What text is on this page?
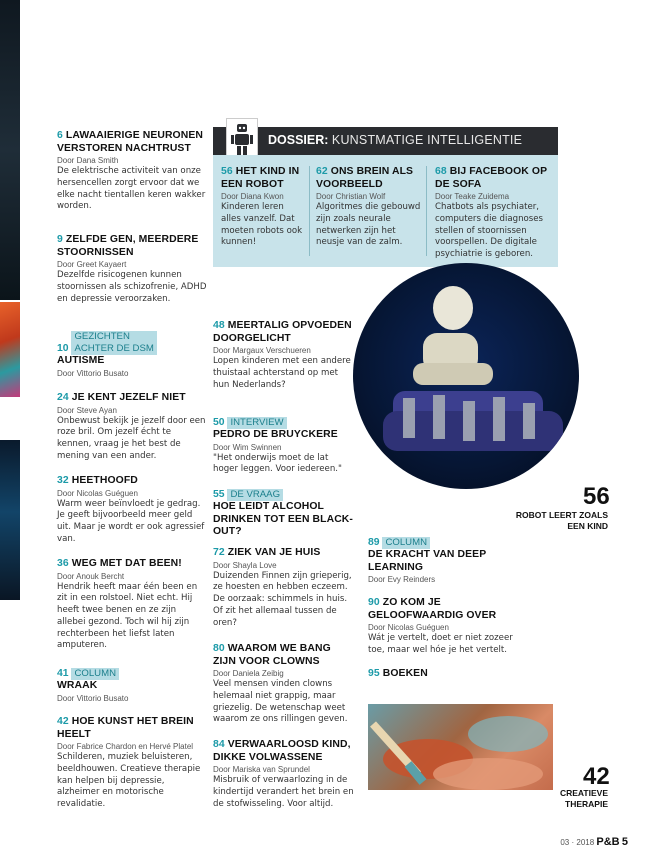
6 LAWAAIERIGE NEURONEN VERSTOREN NACHTRUST
Door Dana Smith
De elektrische activiteit van onze hersencellen zorgt ervoor dat we elke nacht tientallen keren wakker worden.
9 ZELFDE GEN, MEERDERE STOORNISSEN
Door Greet Kayaert
Dezelfde risicogenen kunnen stoornissen als schizofrenie, ADHD en depressie veroorzaken.
10 GEZICHTEN ACHTER DE DSM
AUTISME
Door Vittorio Busato
24 JE KENT JEZELF NIET
Door Steve Ayan
Onbewust bekijk je jezelf door een roze bril. Om jezelf écht te kennen, vraag je het best de mening van een ander.
32 HEETHOOFD
Door Nicolas Guéguen
Warm weer beïnvloedt je gedrag. Je geeft bijvoorbeeld meer geld uit. Maar je wordt er ook agressief van.
36 WEG MET DAT BEEN!
Door Anouk Bercht
Hendrik heeft maar één been en zit in een rolstoel. Niet echt. Hij heeft twee benen en ze zijn allebei gezond. Toch wil hij zijn rechterbeen het liefst laten amputeren.
41 COLUMN
WRAAK
Door Vittorio Busato
42 HOE KUNST HET BREIN HEELT
Door Fabrice Chardon en Hervé Platel
Schilderen, muziek beluisteren, beeldhouwen. Creatieve therapie kan helpen bij depressie, alzheimer en motorische revalidatie.
DOSSIER: KUNSTMATIGE INTELLIGENTIE
56 HET KIND IN EEN ROBOT
Door Diana Kwon
Kinderen leren alles vanzelf. Dat moeten robots ook kunnen!
62 ONS BREIN ALS VOORBEELD
Door Christian Wolf
Algoritmes die gebouwd zijn zoals neurale netwerken zijn het neusje van de zalm.
68 BIJ FACEBOOK OP DE SOFA
Door Teake Zuidema
Chatbots als psychiater, computers die diagnoses stellen of stoornissen voorspellen. De digitale psychiatrie is geboren.
56
ROBOT LEERT ZOALS EEN KIND
48 MEERTALIG OPVOEDEN DOORGELICHT
Door Margaux Verschueren
Lopen kinderen met een andere thuistaal achterstand op met hun Nederlands?
50 INTERVIEW
PEDRO DE BRUYCKERE
Door Wim Swinnen
"Het onderwijs moet de lat hoger leggen. Voor iedereen."
55 DE VRAAG
HOE LEIDT ALCOHOL DRINKEN TOT EEN BLACK-OUT?
72 ZIEK VAN JE HUIS
Door Shayla Love
Duizenden Finnen zijn grieperig, ze hoesten en hebben eczeem. De oorzaak: schimmels in huis. Of zit het allemaal tussen de oren?
80 WAAROM WE BANG ZIJN VOOR CLOWNS
Door Daniela Zeibig
Veel mensen vinden clowns helemaal niet grappig, maar griezelig. De wetenschap weet waarom ze ons rillingen geven.
84 VERWAARLOOSD KIND, DIKKE VOLWASSENE
Door Mariska van Sprundel
Misbruik of verwaarlozing in de kindertijd verandert het brein en de stofwisseling. Voor altijd.
89 COLUMN
DE KRACHT VAN DEEP LEARNING
Door Evy Reinders
90 ZO KOM JE GELOOFWAARDIG OVER
Door Nicolas Guéguen
Wát je vertelt, doet er niet zozeer toe, maar wel hóe je het vertelt.
95 BOEKEN
42
CREATIEVE THERAPIE
03 · 2018 P&B 5
